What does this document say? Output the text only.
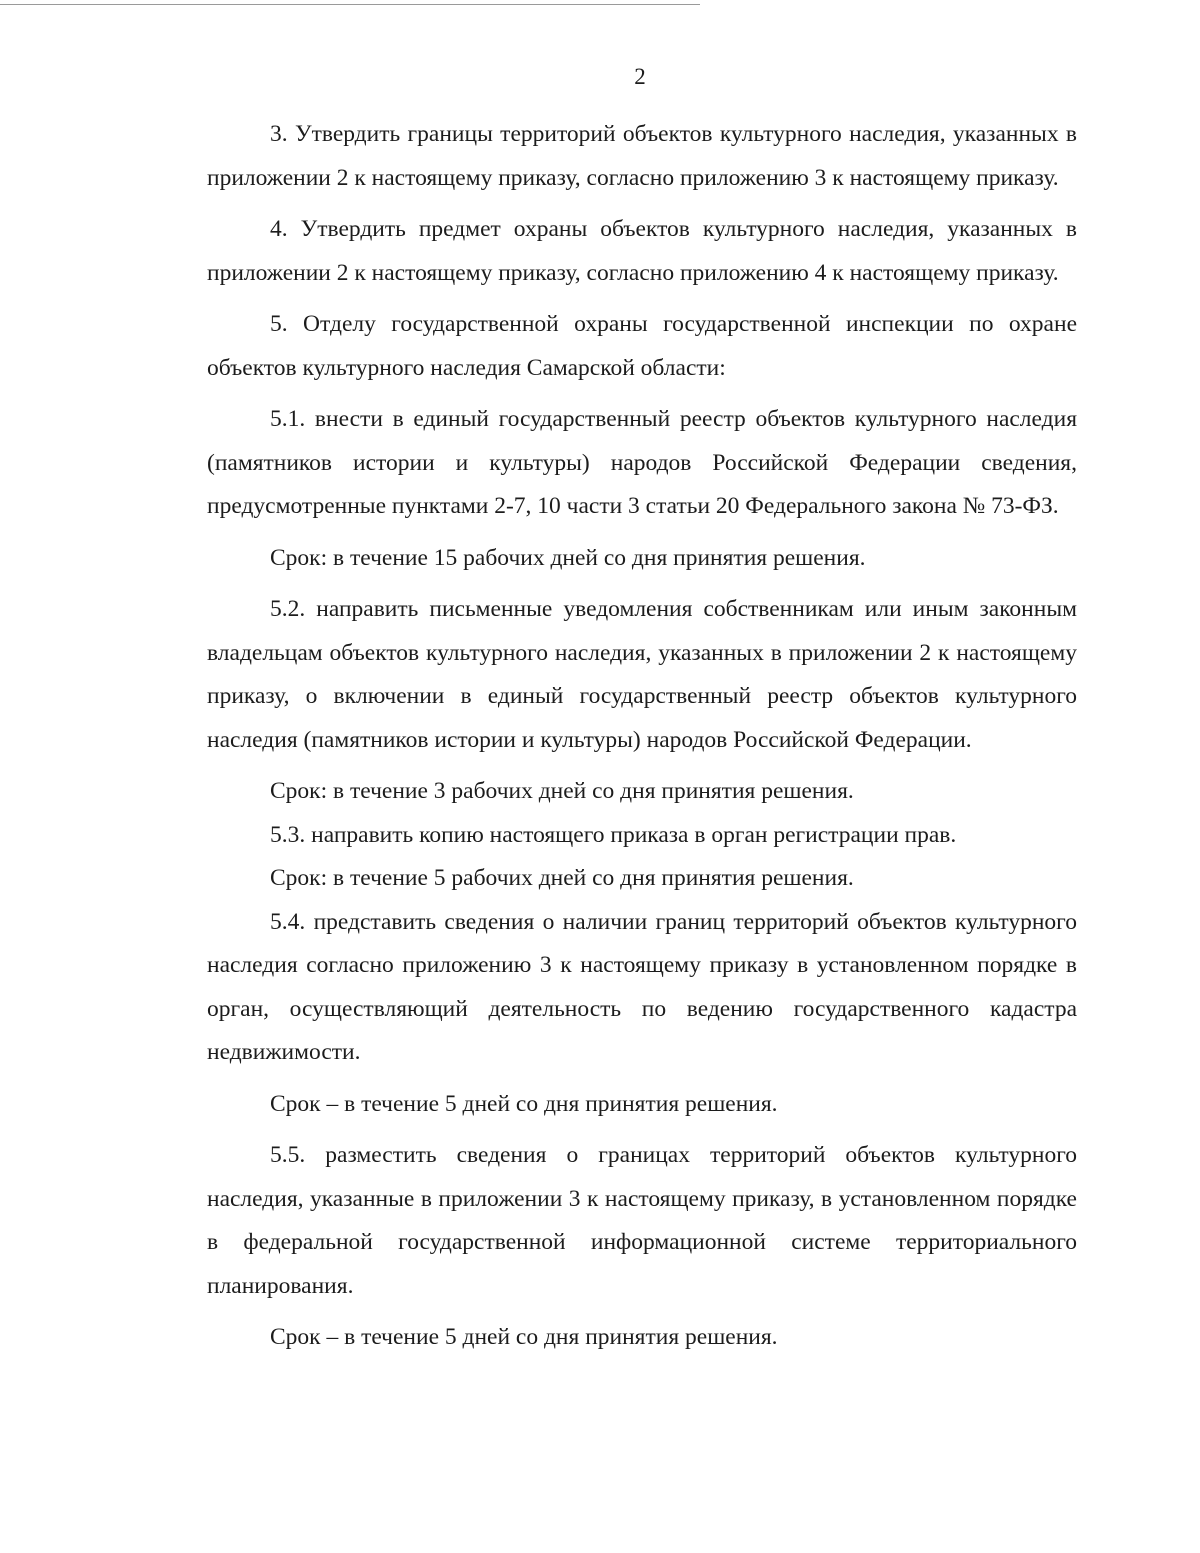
2

3. Утвердить границы территорий объектов культурного наследия, указанных в приложении 2 к настоящему приказу, согласно приложению 3 к настоящему приказу.

4. Утвердить предмет охраны объектов культурного наследия, указанных в приложении 2 к настоящему приказу, согласно приложению 4 к настоящему приказу.

5. Отделу государственной охраны государственной инспекции по охране объектов культурного наследия Самарской области:

5.1. внести в единый государственный реестр объектов культурного наследия (памятников истории и культуры) народов Российской Федерации сведения, предусмотренные пунктами 2-7, 10 части 3 статьи 20 Федерального закона № 73-ФЗ.

Срок: в течение 15 рабочих дней со дня принятия решения.

5.2. направить письменные уведомления собственникам или иным законным владельцам объектов культурного наследия, указанных в приложении 2 к настоящему приказу, о включении в единый государственный реестр объектов культурного наследия (памятников истории и культуры) народов Российской Федерации.

Срок: в течение 3 рабочих дней со дня принятия решения.

5.3. направить копию настоящего приказа в орган регистрации прав.

Срок: в течение 5 рабочих дней со дня принятия решения.

5.4. представить сведения о наличии границ территорий объектов культурного наследия согласно приложению 3 к настоящему приказу в установленном порядке в орган, осуществляющий деятельность по ведению государственного кадастра недвижимости.

Срок – в течение 5 дней со дня принятия решения.

5.5. разместить сведения о границах территорий объектов культурного наследия, указанные в приложении 3 к настоящему приказу, в установленном порядке в федеральной государственной информационной системе территориального планирования.

Срок – в течение 5 дней со дня принятия решения.
